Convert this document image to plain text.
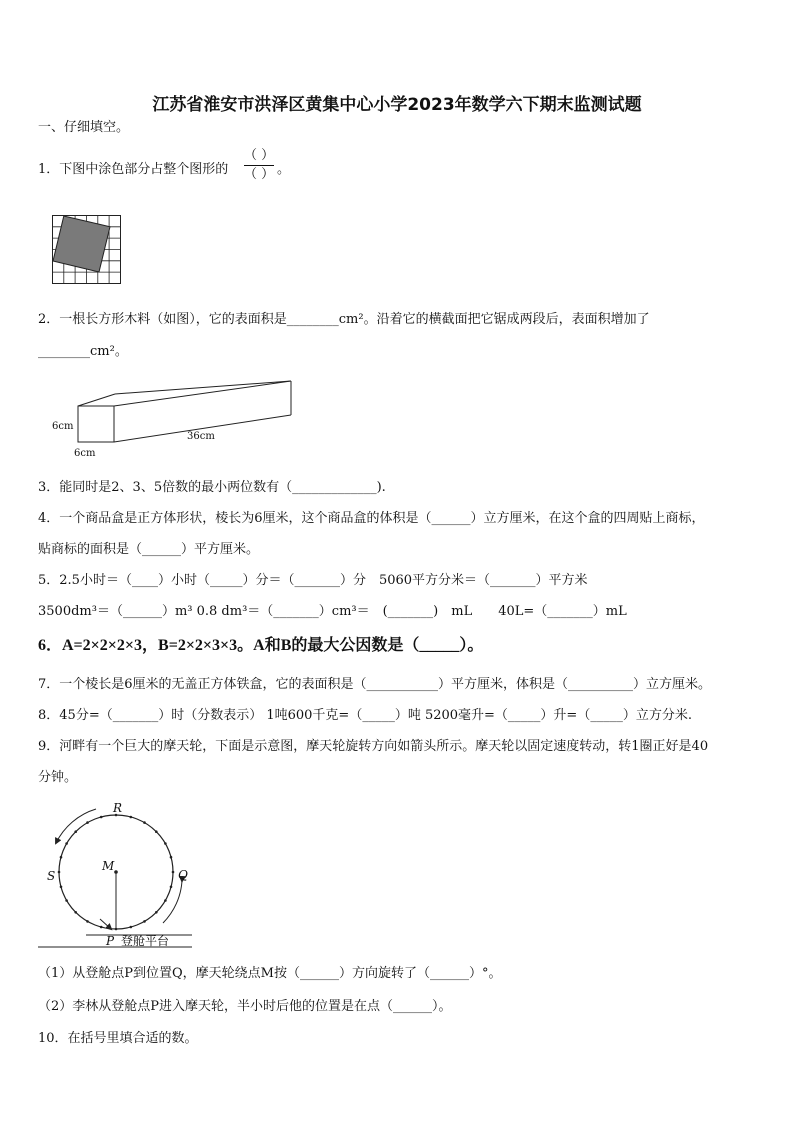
江苏省淮安市洪泽区黄集中心小学2023年数学六下期末监测试题
一、仔细填空。
1．下图中涂色部分占整个图形的
（ ）
（ ） 。
2．一根长方形木料（如图），它的表面积是________cm²。沿着它的横截面把它锯成两段后，表面积增加了
________cm²。
6cm
6cm
36cm
3．能同时是2、3、5倍数的最小两位数有（_____________).
4．一个商品盒是正方体形状，棱长为6厘米，这个商品盒的体积是（______）立方厘米，在这个盒的四周贴上商标，
贴商标的面积是（______）平方厘米。
5．2.5小时＝（____）小时（_____）分＝（_______）分　5060平方分米＝（_______）平方米
3500dm³＝（______）m³ 0.8 dm³＝（_______）cm³＝　(_______)　mL　　40L=（_______）mL
6．A=2×2×2×3，B=2×2×3×3。A和B的最大公因数是（_____）。
7．一个棱长是6厘米的无盖正方体铁盒，它的表面积是（___________）平方厘米，体积是（__________）立方厘米。
8．45分=（_______）时（分数表示） 1吨600千克=（_____）吨 5200毫升=（_____）升=（_____）立方分米.
9．河畔有一个巨大的摩天轮，下面是示意图，摩天轮旋转方向如箭头所示。摩天轮以固定速度转动，转1圈正好是40
分钟。
R
S
M
Q
P 登舱平台
（1）从登舱点P到位置Q，摩天轮绕点M按（______）方向旋转了（______）°。
（2）李林从登舱点P进入摩天轮，半小时后他的位置是在点（______）。
10．在括号里填合适的数。
